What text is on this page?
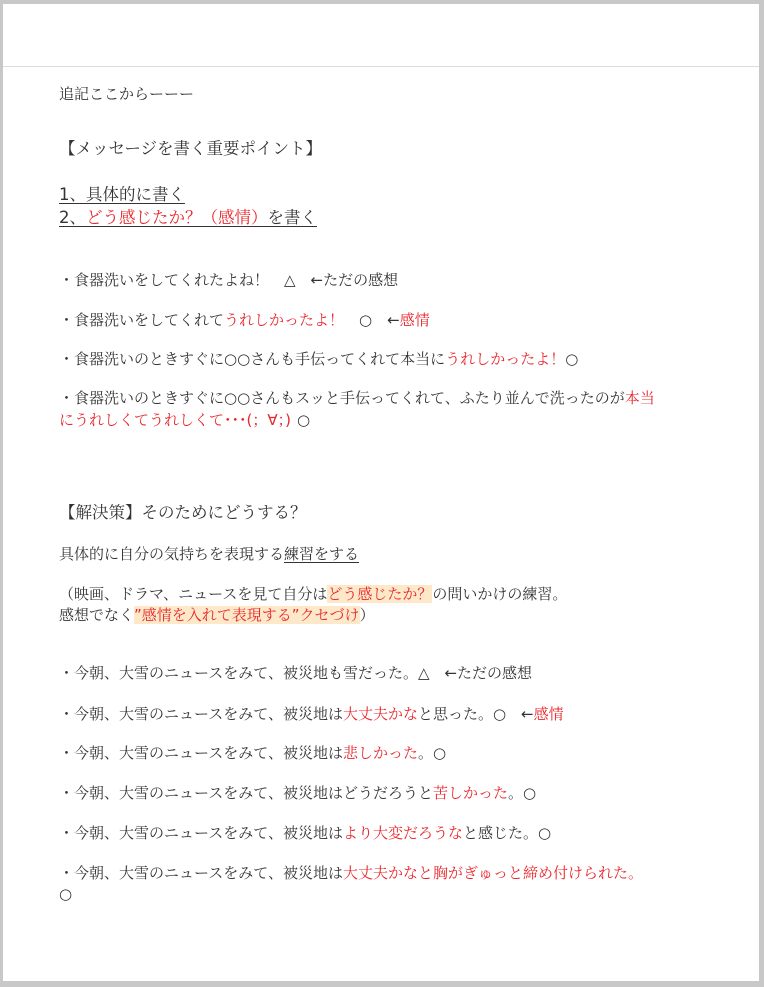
追記ここからーーー
【メッセージを書く重要ポイント】
1、具体的に書く
2、どう感じたか？（感情）を書く
・食器洗いをしてくれたよね！　△　←ただの感想
・食器洗いをしてくれてうれしかったよ！　○　←感情
・食器洗いのときすぐに○○さんも手伝ってくれて本当にうれしかったよ！○
・食器洗いのときすぐに○○さんもスッと手伝ってくれて、ふたり並んで洗ったのが本当
にうれしくてうれしくて･･･(；∀；) ○
【解決策】そのためにどうする？
具体的に自分の気持ちを表現する練習をする
（映画、ドラマ、ニュースを見て自分はどう感じたか？の問いかけの練習。
感想でなく”感情を入れて表現する”クセづけ）
・今朝、大雪のニュースをみて、被災地も雪だった。△　←ただの感想
・今朝、大雪のニュースをみて、被災地は大丈夫かなと思った。○　←感情
・今朝、大雪のニュースをみて、被災地は悲しかった。○
・今朝、大雪のニュースをみて、被災地はどうだろうと苦しかった。○
・今朝、大雪のニュースをみて、被災地はより大変だろうなと感じた。○
・今朝、大雪のニュースをみて、被災地は大丈夫かなと胸がぎゅっと締め付けられた。
○
